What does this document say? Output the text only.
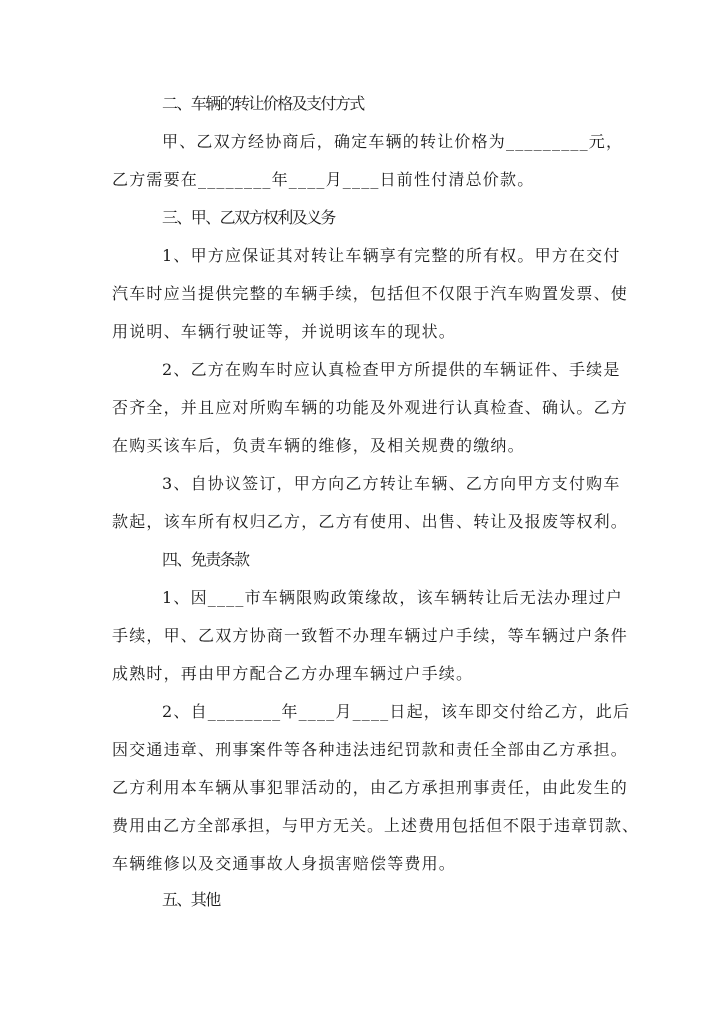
二、车辆的转让价格及支付方式
甲、乙双方经协商后，确定车辆的转让价格为_________元，
乙方需要在________年____月____日前性付清总价款。
三、甲、乙双方权利及义务
1、甲方应保证其对转让车辆享有完整的所有权。甲方在交付
汽车时应当提供完整的车辆手续，包括但不仅限于汽车购置发票、使
用说明、车辆行驶证等，并说明该车的现状。
2、乙方在购车时应认真检查甲方所提供的车辆证件、手续是
否齐全，并且应对所购车辆的功能及外观进行认真检查、确认。乙方
在购买该车后，负责车辆的维修，及相关规费的缴纳。
3、自协议签订，甲方向乙方转让车辆、乙方向甲方支付购车
款起，该车所有权归乙方，乙方有使用、出售、转让及报废等权利。
四、免责条款
1、因____市车辆限购政策缘故，该车辆转让后无法办理过户
手续，甲、乙双方协商一致暂不办理车辆过户手续，等车辆过户条件
成熟时，再由甲方配合乙方办理车辆过户手续。
2、自________年____月____日起，该车即交付给乙方，此后
因交通违章、刑事案件等各种违法违纪罚款和责任全部由乙方承担。
乙方利用本车辆从事犯罪活动的，由乙方承担刑事责任，由此发生的
费用由乙方全部承担，与甲方无关。上述费用包括但不限于违章罚款、
车辆维修以及交通事故人身损害赔偿等费用。
五、其他
